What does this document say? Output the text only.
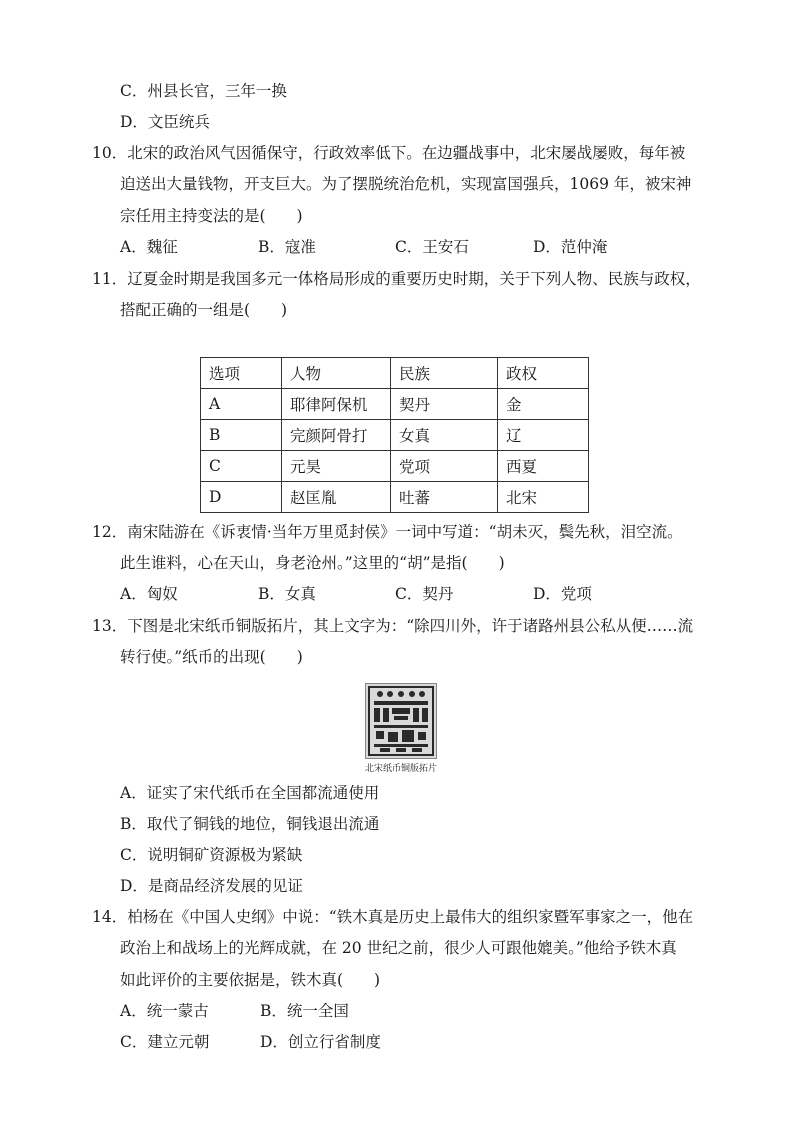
C．州县长官，三年一换
D．文臣统兵
10．北宋的政治风气因循保守，行政效率低下。在边疆战事中，北宋屡战屡败，每年被
迫送出大量钱物，开支巨大。为了摆脱统治危机，实现富国强兵，1069 年，被宋神
宗任用主持变法的是(　　)
A．魏征	B．寇准	C．王安石	D．范仲淹
11．辽夏金时期是我国多元一体格局形成的重要历史时期，关于下列人物、民族与政权，
搭配正确的一组是(　　)
选项	人物	民族	政权
A	耶律阿保机	契丹	金
B	完颜阿骨打	女真	辽
C	元昊	党项	西夏
D	赵匡胤	吐蕃	北宋
12．南宋陆游在《诉衷情·当年万里觅封侯》一词中写道：“胡未灭，鬓先秋，泪空流。
此生谁料，心在天山，身老沧州。”这里的“胡”是指(　　)
A．匈奴	B．女真	C．契丹	D．党项
13．下图是北宋纸币铜版拓片，其上文字为：“除四川外，许于诸路州县公私从便……流
转行使。”纸币的出现(　　)
北宋纸币铜版拓片
A．证实了宋代纸币在全国都流通使用
B．取代了铜钱的地位，铜钱退出流通
C．说明铜矿资源极为紧缺
D．是商品经济发展的见证
14．柏杨在《中国人史纲》中说：“铁木真是历史上最伟大的组织家暨军事家之一，他在
政治上和战场上的光辉成就，在 20 世纪之前，很少人可跟他媲美。”他给予铁木真
如此评价的主要依据是，铁木真(　　)
A．统一蒙古	B．统一全国
C．建立元朝	D．创立行省制度
